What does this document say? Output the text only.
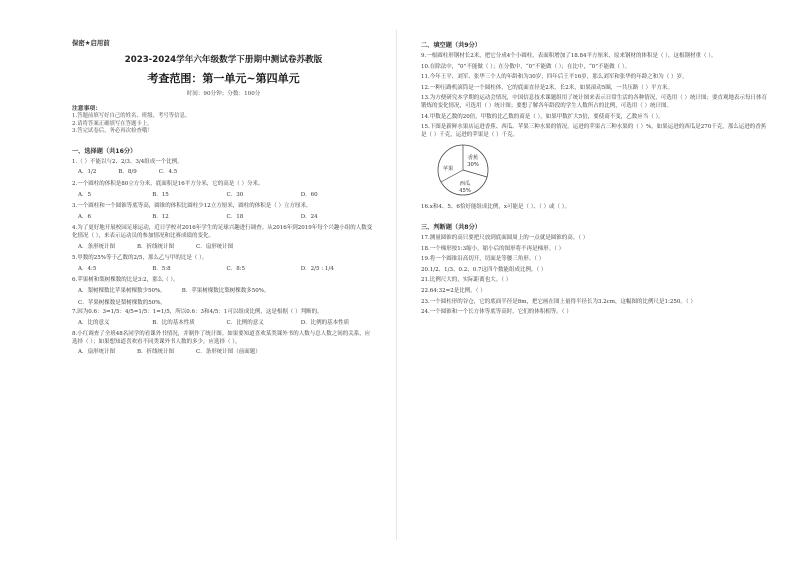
保密★启用前
2023-2024学年六年级数学下册期中测试卷苏教版
考查范围：第一单元~第四单元
时间：90分钟；分数：100分
注意事项：
1.答题前填写好自己的姓名、班级、考号等信息。
2.请将答案正确填写在答题卡上。
3.答完试卷后，务必再次检查哦！
一、选择题（共16分）
1.（ ）不能以与2、2/3、3/4组成一个比例。
A．1/2	B．8/9	C．4.5
2.一个圆柱的体积是80立方分米，底面积是16平方分米，它的高是（ ）分米。
A．5	B．15	C．30	D．60
3.一个圆柱和一个圆锥等底等高，圆锥的体积比圆柱少12立方厘米，圆柱的体积是（ ）立方厘米。
A．6	B．12	C．18	D．24
4.为了更好地开展校园足球运动，近日学校对2016年学生的足球兴趣进行调查。从2016年到2019年每个兴趣小组的人数变化情况（ ），来表示运动员的参加情况和比赛成绩的变化。
A．条形统计图	B．折线统计图	C．扇形统计图
5.甲数的25%等于乙数的2/5，那么乙与甲的比是（ ）。
A．4:5	B．5:8	C．8:5	D．2/5 : 1/4
6.苹果树和梨树棵数的比是3:2，那么（ ）。
A．梨树棵数比苹果树棵数少50%。	B．苹果树棵数比梨树棵数多50%。
C．苹果树棵数是梨树棵数的50%。
7.因为0.6：3=1/5：4/5=1/5：1=1/5，所以0.6：3和4/5：1可以组成比例，这是根据（ ）判断的。
A．比的意义	B．比的基本性质	C．比例的意义	D．比例的基本性质
8.小红调查了全班48名同学的看课外书情况，并制作了统计图。如果要知道喜欢某类课外书的人数与总人数之间的关系，应选择（ ）；如果想知道喜欢看不同类课外书人数的多少，应选择（ ）。
A．扇形统计图	B．折线统计图	C．条形统计图（前面题）
二、填空题（共9分）
9.一根圆柱形钢材长2米，把它分成4个小圆柱，表面积增加了18.84平方厘米，原来钢材的体积是（ ），这根钢材重（ ）。
10.在除法中，“0”不能做（ ）；在分数中，“0”不能做（ ）；在比中，“0”不能做（ ）。
11.今年王平、刘军、张华三个人的年龄和为30岁，四年后王平16岁，那么刘军和张华的年龄之和为（ ）岁。
12.一种压路机滚筒是一个圆柱体，它的底面直径是2米，长2米，如果滚动5圈，一共压路（ ）平方米。
13.为方便研究本学期的运动会情况，中国信息技术课题组用了统计图来表示日常生活的各种情况，可选用（ ）统计图；要直观地表示每日体育锻炼的变化情况，可选用（ ）统计图；要想了解各年龄段的学生人数所占的比例，可选用（ ）统计图。
14.甲数是乙数的20倍，甲数的比乙数的商是（ ），如果甲数扩大5倍，要使商不变，乙数应当（ ）。
15.下图是新鲜水果店运进香蕉、西瓜、苹果三种水果的情况。运进的苹果占三种水果的（ ）%，如果运进的西瓜是270千克，那么运进的香蕉是（ ）千克，运进的苹果是（ ）千克。
香蕉
30%
苹果
西瓜
45%
16.x和4、5、6恰好能组成比例，x可能是（ ）、（ ）或（ ）。
三、判断题（共8分）
17.测量圆锥的高只要把尺放到底面圆周上的一点就是圆锥的高。（ ）
18.一个梯形按1:3缩小，缩小后的图形将不再是梯形。（ ）
19.将一个圆锥沿高切开，切面是等腰三角形。（ ）
20.1/2、1/3、0.2、0.7这四个数能组成比例。（ ）
21.比例尺大的，实际距离也大。（ ）
22.64:32=2是比例。（ ）
23.一个圆柱形的谷仓，它的底面半径是8m，把它画在图上量得半径长为3.2cm，这幅图的比例尺是1:250。（ ）
24.一个圆锥和一个长方体等底等高时，它们的体积相等。（ ）
